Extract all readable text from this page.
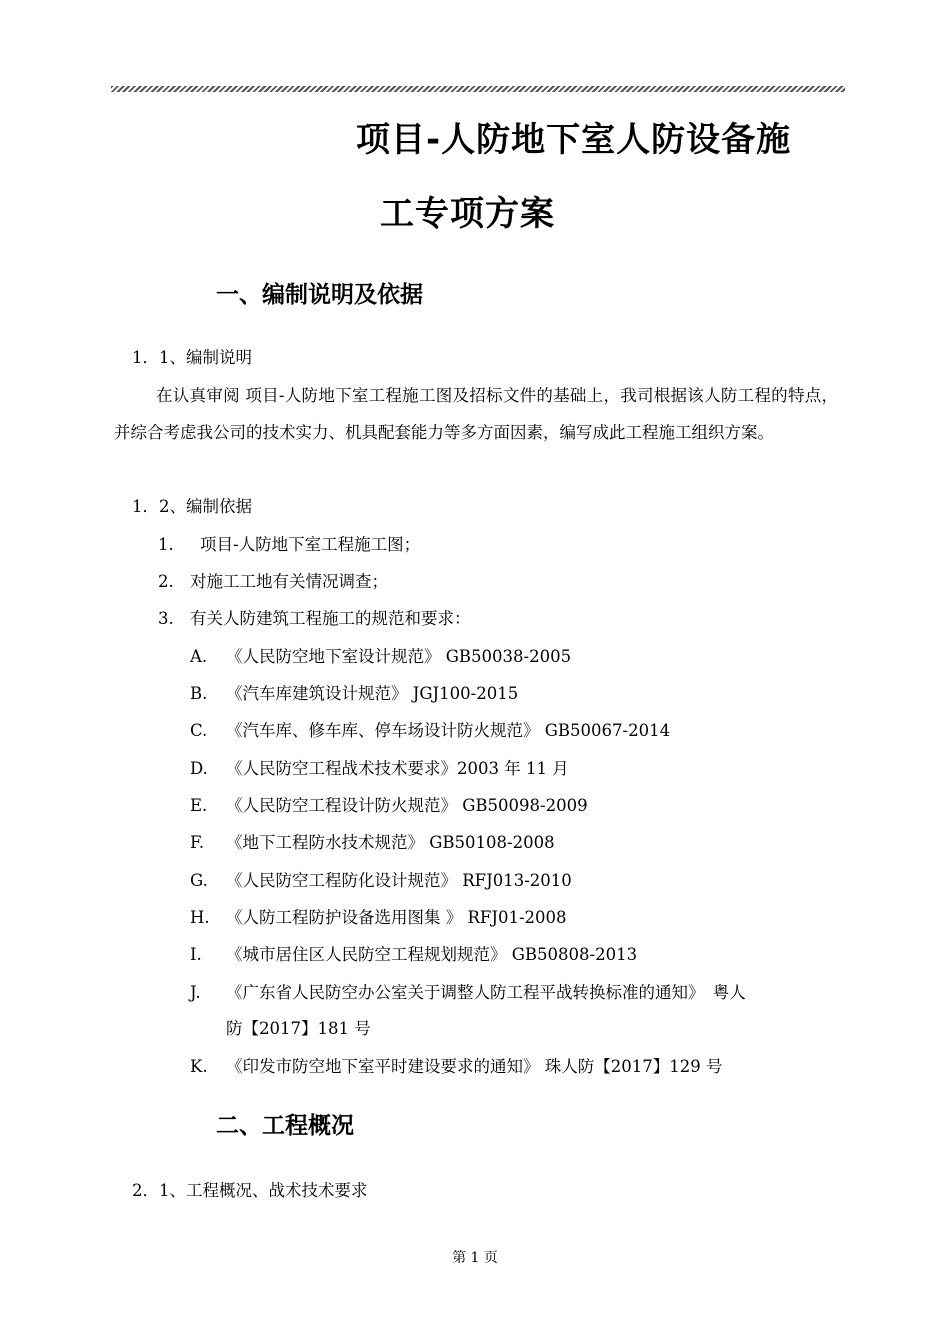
项目-人防地下室人防设备施
工专项方案
一、编制说明及依据
1．1、编制说明
在认真审阅 项目-人防地下室工程施工图及招标文件的基础上，我司根据该人防工程的特点，并综合考虑我公司的技术实力、机具配套能力等多方面因素，编写成此工程施工组织方案。
1．2、编制依据
1. 项目-人防地下室工程施工图；
2. 对施工工地有关情况调查；
3. 有关人防建筑工程施工的规范和要求：
A. 《人民防空地下室设计规范》 GB50038-2005
B. 《汽车库建筑设计规范》 JGJ100-2015
C. 《汽车库、修车库、停车场设计防火规范》 GB50067-2014
D. 《人民防空工程战术技术要求》2003 年 11 月
E. 《人民防空工程设计防火规范》 GB50098-2009
F. 《地下工程防水技术规范》 GB50108-2008
G. 《人民防空工程防化设计规范》 RFJ013-2010
H. 《人防工程防护设备选用图集 》 RFJ01-2008
I. 《城市居住区人民防空工程规划规范》 GB50808-2013
J. 《广东省人民防空办公室关于调整人防工程平战转换标准的通知》　粤人
防【2017】181 号
K. 《印发市防空地下室平时建设要求的通知》 珠人防【2017】129 号
二、工程概况
2．1、工程概况、战术技术要求
第 1 页
